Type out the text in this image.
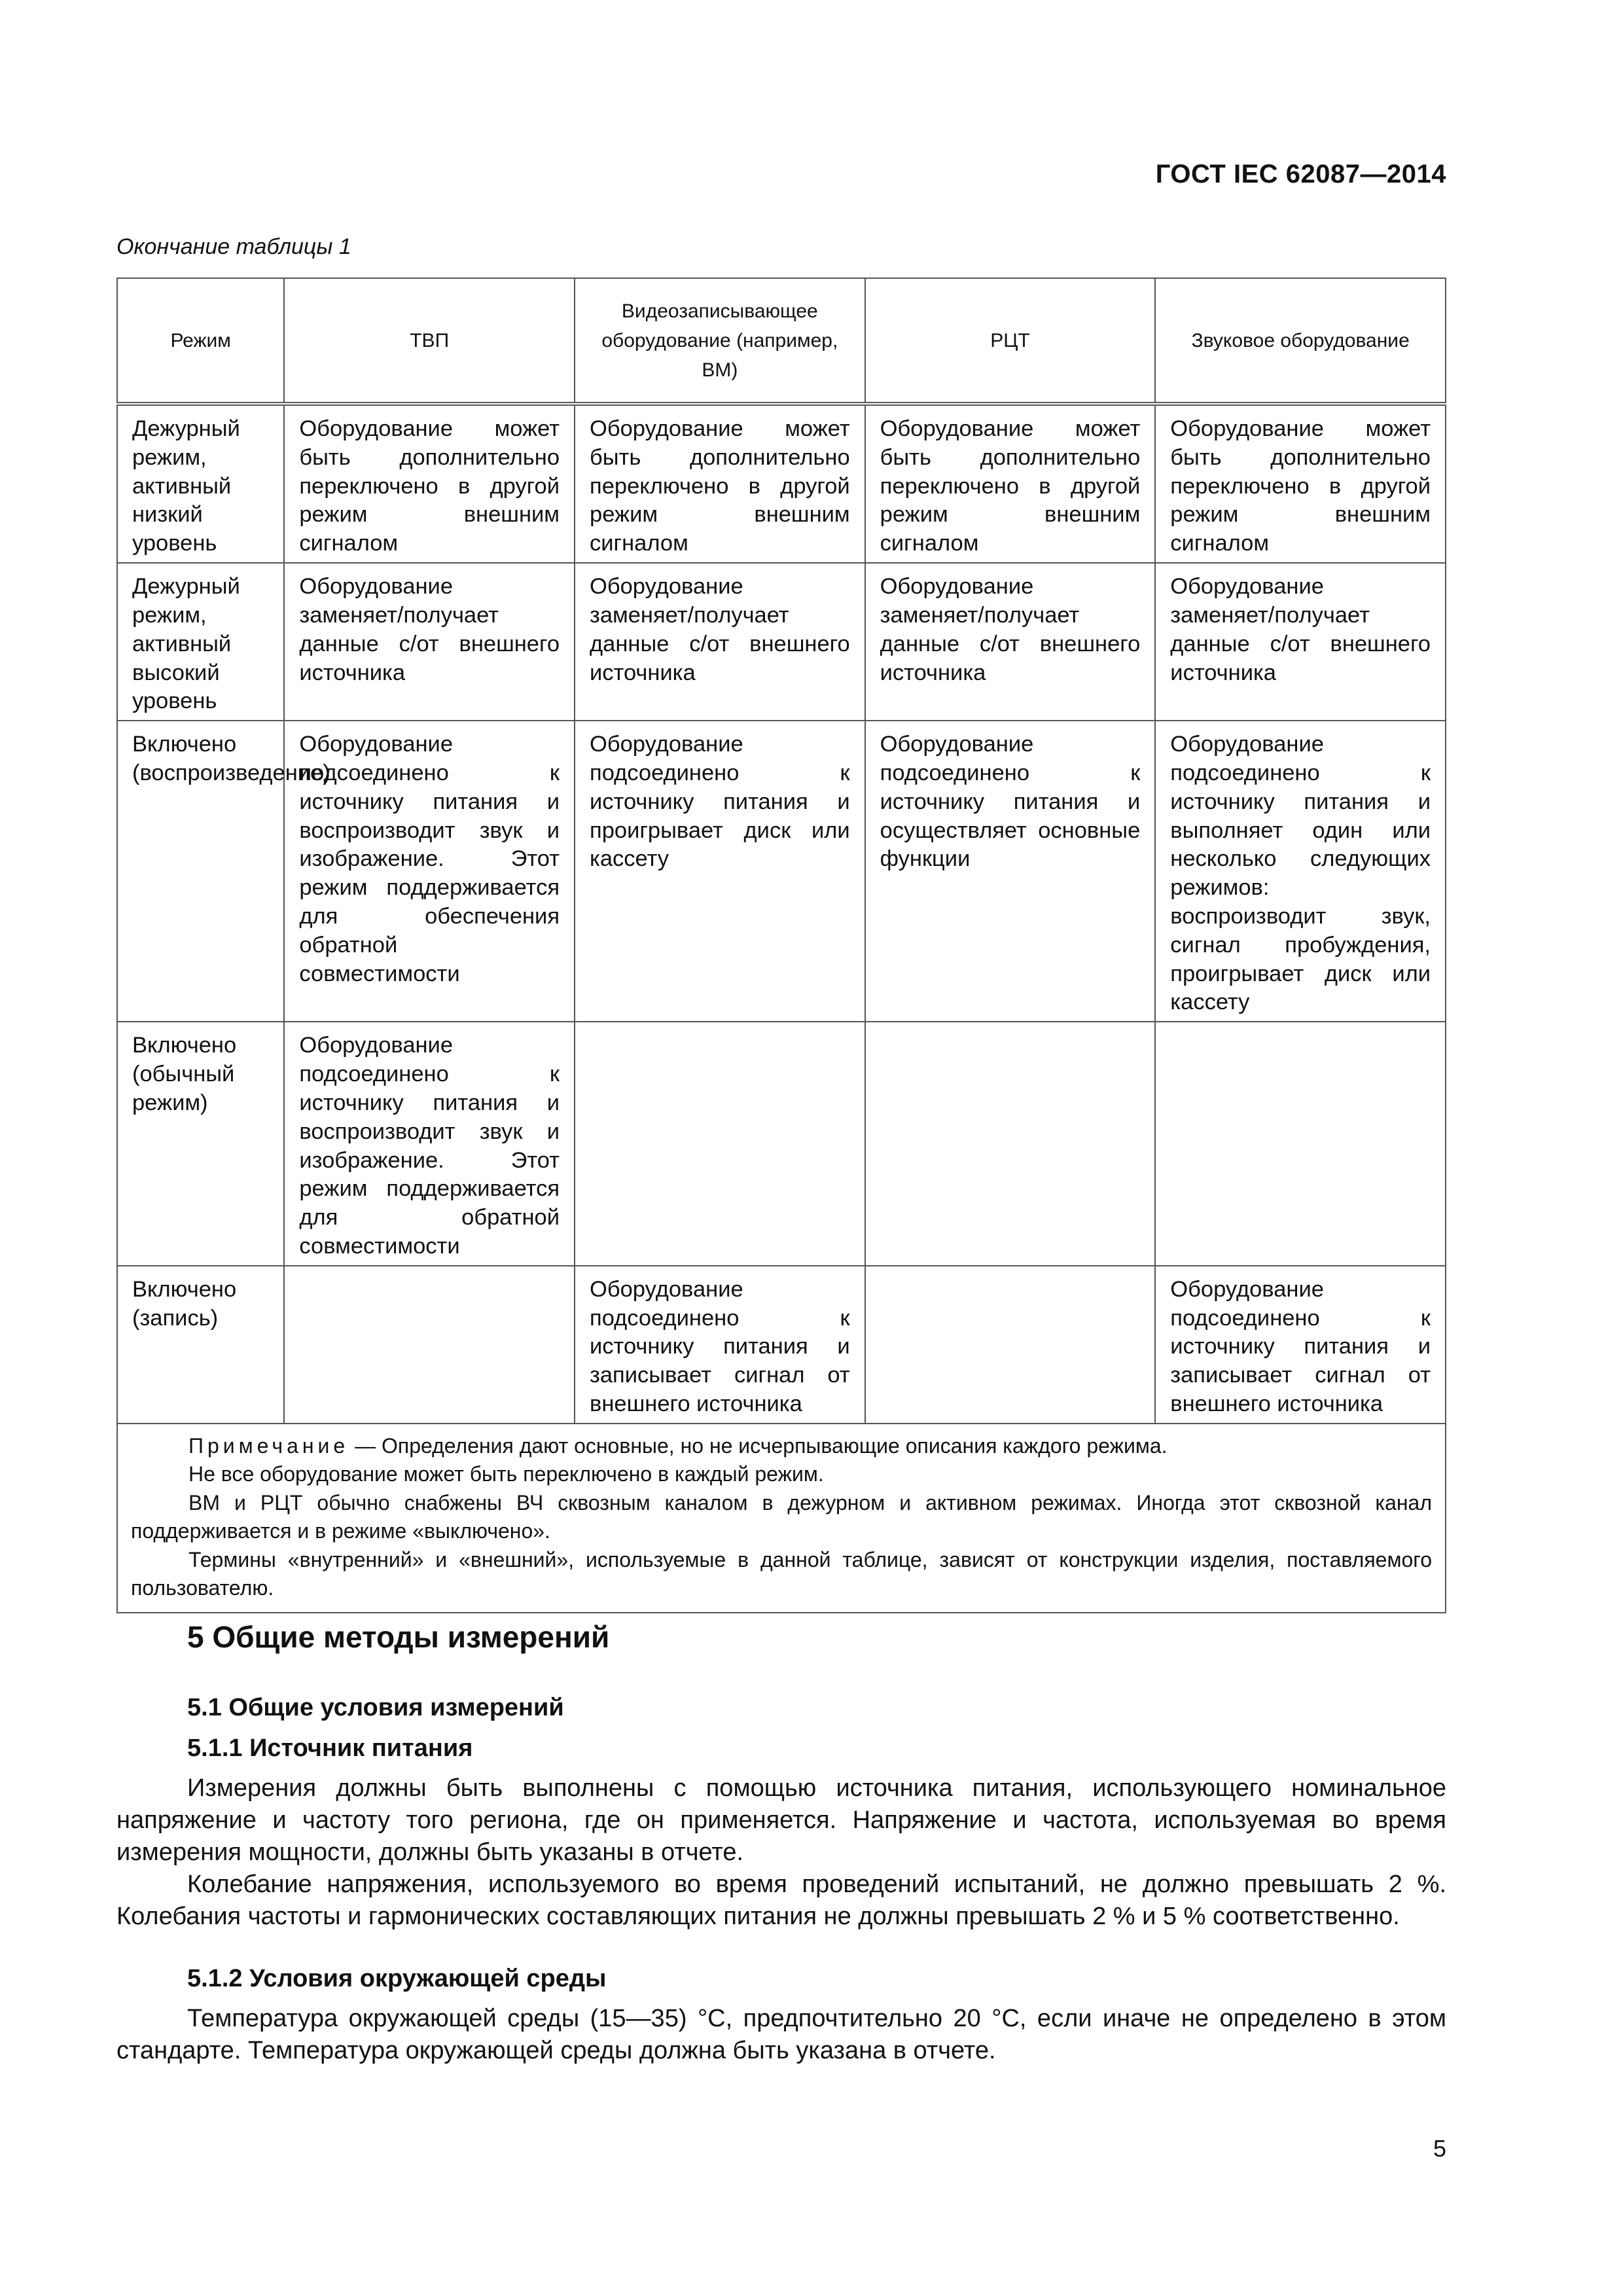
ГОСТ IEC 62087—2014
Окончание таблицы 1
Режим	ТВП	Видеозаписывающее оборудование (например, ВМ)	РЦТ	Звуковое оборудование
Дежурный режим, активный низкий уровень	Оборудование может быть дополнительно переключено в другой режим внешним сигналом	Оборудование может быть дополнительно переключено в другой режим внешним сигналом	Оборудование может быть дополнительно переключено в другой режим внешним сигналом	Оборудование может быть дополнительно переключено в другой режим внешним сигналом
Дежурный режим, активный высокий уровень	Оборудование заменяет/получает данные с/от внешнего источника	Оборудование заменяет/получает данные с/от внешнего источника	Оборудование заменяет/получает данные с/от внешнего источника	Оборудование заменяет/получает данные с/от внешнего источника
Включено (воспроизведение)	Оборудование подсоединено к источнику питания и воспроизводит звук и изображение. Этот режим поддерживается для обеспечения обратной совместимости	Оборудование подсоединено к источнику питания и проигрывает диск или кассету	Оборудование подсоединено к источнику питания и осуществляет основные функции	Оборудование подсоединено к источнику питания и выполняет один или несколько следующих режимов: воспроизводит звук, сигнал пробуждения, проигрывает диск или кассету
Включено (обычный режим)	Оборудование подсоединено к источнику питания и воспроизводит звук и изображение. Этот режим поддерживается для обратной совместимости			
Включено (запись)		Оборудование подсоединено к источнику питания и записывает сигнал от внешнего источника		Оборудование подсоединено к источнику питания и записывает сигнал от внешнего источника

Примечание — Определения дают основные, но не исчерпывающие описания каждого режима.

Не все оборудование может быть переключено в каждый режим.

ВМ и РЦТ обычно снабжены ВЧ сквозным каналом в дежурном и активном режимах. Иногда этот сквозной канал поддерживается и в режиме «выключено».

Термины «внутренний» и «внешний», используемые в данной таблице, зависят от конструкции изделия, поставляемого пользователю.				

5 Общие методы измерений
5.1 Общие условия измерений
5.1.1 Источник питания

Измерения должны быть выполнены с помощью источника питания, использующего номинальное напряжение и частоту того региона, где он применяется. Напряжение и частота, используемая во время измерения мощности, должны быть указаны в отчете.

Колебание напряжения, используемого во время проведений испытаний, не должно превышать 2 %. Колебания частоты и гармонических составляющих питания не должны превышать 2 % и 5 % соответственно.

5.1.2 Условия окружающей среды

Температура окружающей среды (15—35) °С, предпочтительно 20 °С, если иначе не определено в этом стандарте. Температура окружающей среды должна быть указана в отчете.

5
